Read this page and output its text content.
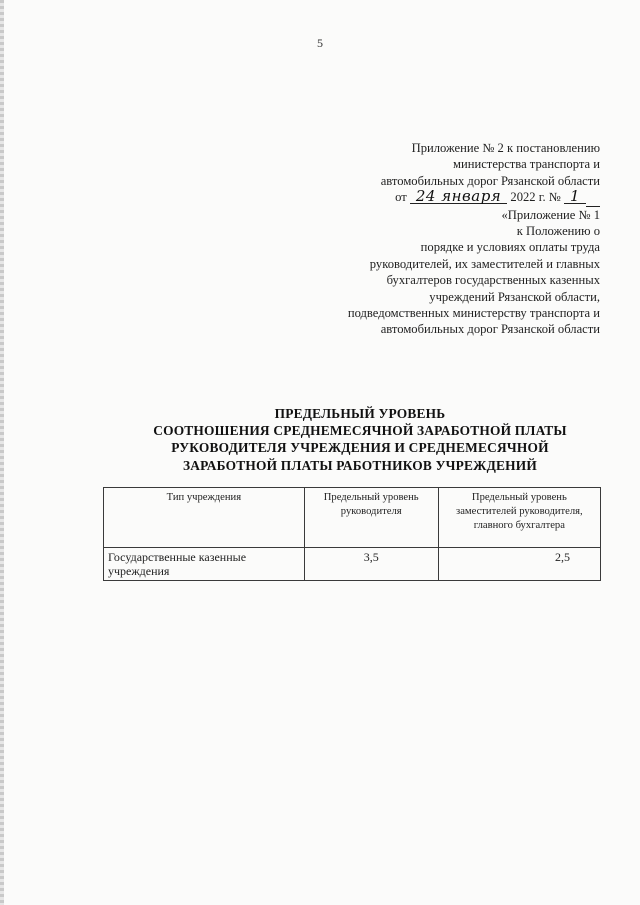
5
Приложение № 2 к постановлению
министерства транспорта и
автомобильных дорог Рязанской области
от 24 января 2022 г. № 1
«Приложение № 1
к Положению о
порядке и условиях оплаты труда
руководителей, их заместителей и главных
бухгалтеров государственных казенных
учреждений Рязанской области,
подведомственных министерству транспорта и
автомобильных дорог Рязанской области
ПРЕДЕЛЬНЫЙ УРОВЕНЬ
СООТНОШЕНИЯ СРЕДНЕМЕСЯЧНОЙ ЗАРАБОТНОЙ ПЛАТЫ
РУКОВОДИТЕЛЯ УЧРЕЖДЕНИЯ И СРЕДНЕМЕСЯЧНОЙ
ЗАРАБОТНОЙ ПЛАТЫ РАБОТНИКОВ УЧРЕЖДЕНИЙ
Тип учреждения	Предельный уровень руководителя	Предельный уровень заместителей руководителя, главного бухгалтера
Государственные казенные учреждения	3,5	2,5
